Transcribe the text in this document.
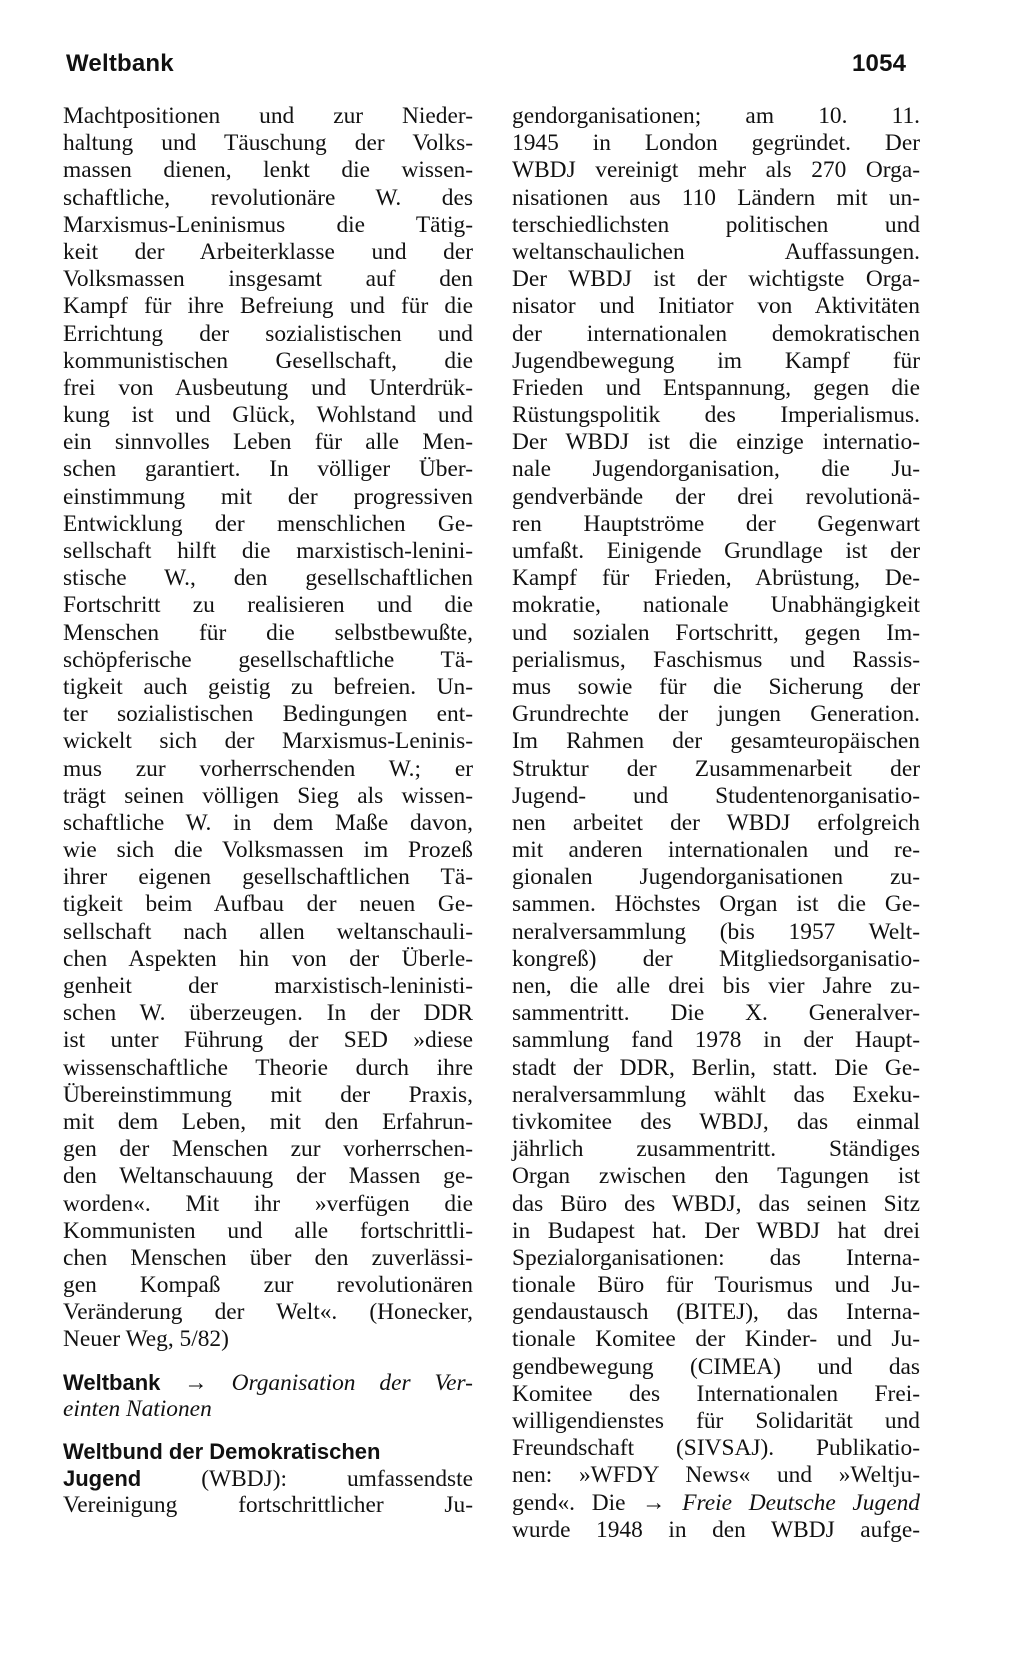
Weltbank	1054
Machtpositionen und zur Nieder-
haltung und Täuschung der Volks-
massen dienen, lenkt die wissen-
schaftliche, revolutionäre W. des
Marxismus-Leninismus die Tätig-
keit der Arbeiterklasse und der
Volksmassen insgesamt auf den
Kampf für ihre Befreiung und für die
Errichtung der sozialistischen und
kommunistischen Gesellschaft, die
frei von Ausbeutung und Unterdrük-
kung ist und Glück, Wohlstand und
ein sinnvolles Leben für alle Men-
schen garantiert. In völliger Über-
einstimmung mit der progressiven
Entwicklung der menschlichen Ge-
sellschaft hilft die marxistisch-lenini-
stische W., den gesellschaftlichen
Fortschritt zu realisieren und die
Menschen für die selbstbewußte,
schöpferische gesellschaftliche Tä-
tigkeit auch geistig zu befreien. Un-
ter sozialistischen Bedingungen ent-
wickelt sich der Marxismus-Leninis-
mus zur vorherrschenden W.; er
trägt seinen völligen Sieg als wissen-
schaftliche W. in dem Maße davon,
wie sich die Volksmassen im Prozeß
ihrer eigenen gesellschaftlichen Tä-
tigkeit beim Aufbau der neuen Ge-
sellschaft nach allen weltanschauli-
chen Aspekten hin von der Überle-
genheit der marxistisch-leninisti-
schen W. überzeugen. In der DDR
ist unter Führung der SED »diese
wissenschaftliche Theorie durch ihre
Übereinstimmung mit der Praxis,
mit dem Leben, mit den Erfahrun-
gen der Menschen zur vorherrschen-
den Weltanschauung der Massen ge-
worden«. Mit ihr »verfügen die
Kommunisten und alle fortschrittli-
chen Menschen über den zuverlässi-
gen Kompaß zur revolutionären
Veränderung der Welt«. (Honecker,
Neuer Weg, 5/82)
Weltbank → Organisation der Ver-
einten Nationen
Weltbund der Demokratischen
Jugend	(WBDJ): umfassendste
Vereinigung fortschrittlicher Ju-
gendorganisationen; am 10. 11.
1945 in London gegründet. Der
WBDJ vereinigt mehr als 270 Orga-
nisationen aus 110 Ländern mit un-
terschiedlichsten politischen und
weltanschaulichen Auffassungen.
Der WBDJ ist der wichtigste Orga-
nisator und Initiator von Aktivitäten
der internationalen demokratischen
Jugendbewegung im Kampf für
Frieden und Entspannung, gegen die
Rüstungspolitik des Imperialismus.
Der WBDJ ist die einzige internatio-
nale Jugendorganisation, die Ju-
gendverbände der drei revolutionä-
ren Hauptströme der Gegenwart
umfaßt. Einigende Grundlage ist der
Kampf für Frieden, Abrüstung, De-
mokratie, nationale Unabhängigkeit
und sozialen Fortschritt, gegen Im-
perialismus, Faschismus und Rassis-
mus sowie für die Sicherung der
Grundrechte der jungen Generation.
Im Rahmen der gesamteuropäischen
Struktur der Zusammenarbeit der
Jugend- und Studentenorganisatio-
nen arbeitet der WBDJ erfolgreich
mit anderen internationalen und re-
gionalen Jugendorganisationen zu-
sammen. Höchstes Organ ist die Ge-
neralversammlung (bis 1957 Welt-
kongreß) der Mitgliedsorganisatio-
nen, die alle drei bis vier Jahre zu-
sammentritt. Die X. Generalver-
sammlung fand 1978 in der Haupt-
stadt der DDR, Berlin, statt. Die Ge-
neralversammlung wählt das Exeku-
tivkomitee des WBDJ, das einmal
jährlich zusammentritt. Ständiges
Organ zwischen den Tagungen ist
das Büro des WBDJ, das seinen Sitz
in Budapest hat. Der WBDJ hat drei
Spezialorganisationen: das Interna-
tionale Büro für Tourismus und Ju-
gendaustausch (BITEJ), das Interna-
tionale Komitee der Kinder- und Ju-
gendbewegung (CIMEA) und das
Komitee des Internationalen Frei-
willigendienstes für Solidarität und
Freundschaft (SIVSAJ). Publikatio-
nen: »WFDY News« und »Weltju-
gend«. Die → Freie Deutsche Jugend
wurde 1948 in den WBDJ aufge-
